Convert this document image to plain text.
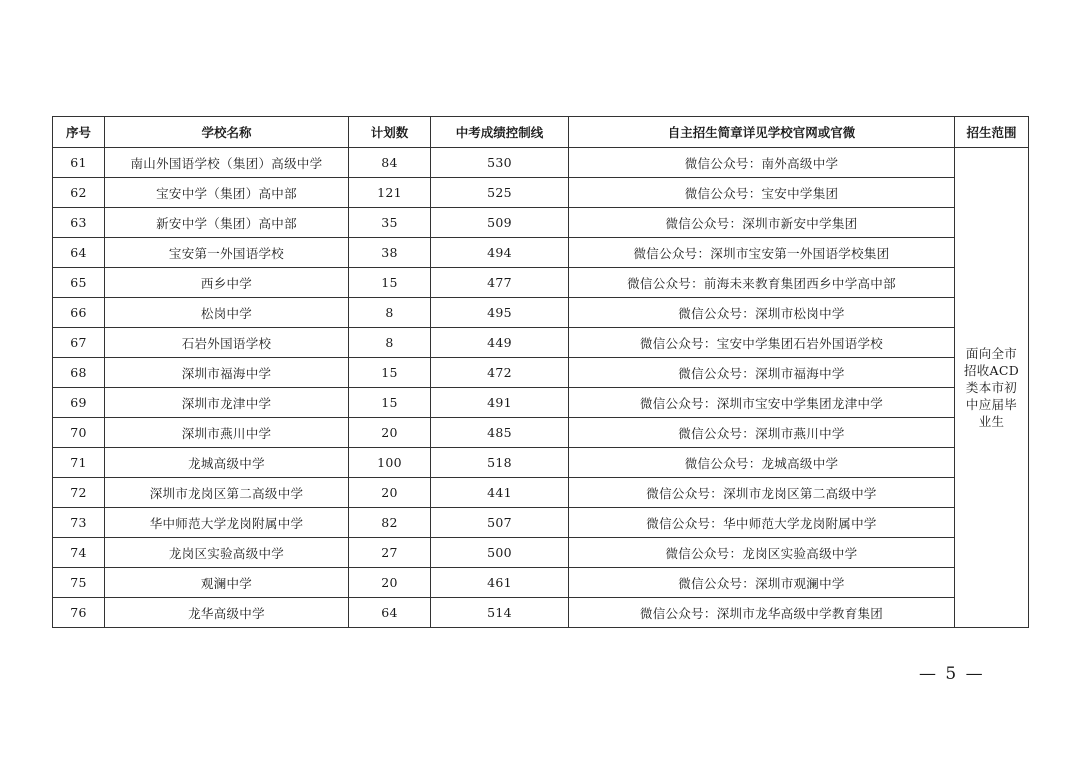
序号	学校名称	计划数	中考成绩控制线	自主招生简章详见学校官网或官微	招生范围
61	南山外国语学校（集团）高级中学	84	530	微信公众号：南外高级中学	面向全市招收ACD类本市初中应届毕业生
62	宝安中学（集团）高中部	121	525	微信公众号：宝安中学集团	
63	新安中学（集团）高中部	35	509	微信公众号：深圳市新安中学集团	
64	宝安第一外国语学校	38	494	微信公众号：深圳市宝安第一外国语学校集团	
65	西乡中学	15	477	微信公众号：前海未来教育集团西乡中学高中部	
66	松岗中学	8	495	微信公众号：深圳市松岗中学	
67	石岩外国语学校	8	449	微信公众号：宝安中学集团石岩外国语学校	
68	深圳市福海中学	15	472	微信公众号：深圳市福海中学	
69	深圳市龙津中学	15	491	微信公众号：深圳市宝安中学集团龙津中学	
70	深圳市燕川中学	20	485	微信公众号：深圳市燕川中学	
71	龙城高级中学	100	518	微信公众号：龙城高级中学	
72	深圳市龙岗区第二高级中学	20	441	微信公众号：深圳市龙岗区第二高级中学	
73	华中师范大学龙岗附属中学	82	507	微信公众号：华中师范大学龙岗附属中学	
74	龙岗区实验高级中学	27	500	微信公众号：龙岗区实验高级中学	
75	观澜中学	20	461	微信公众号：深圳市观澜中学	
76	龙华高级中学	64	514	微信公众号：深圳市龙华高级中学教育集团	
— 5 —
